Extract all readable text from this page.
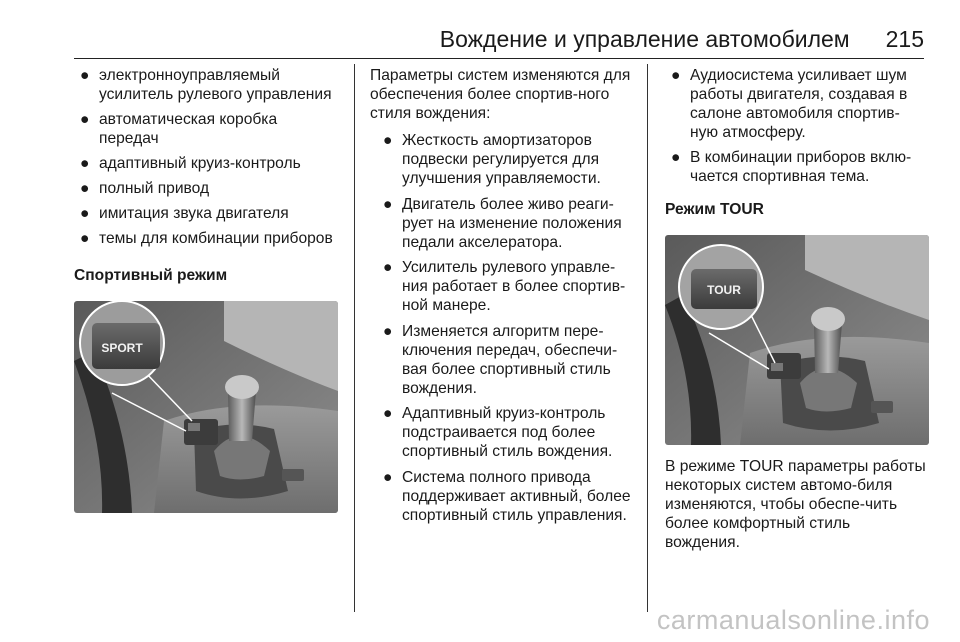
Вождение и управление автомобилем 215
● электронноуправляемый усилитель рулевого управления
● автоматическая коробка передач
● адаптивный круиз-контроль
● полный привод
● имитация звука двигателя
● темы для комбинации приборов
Спортивный режим
SPORT

Параметры систем изменяются для обеспечения более спортив-ного стиля вождения:

● Жесткость амортизаторов подвески регулируется для улучшения управляемости.
● Двигатель более живо реаги-рует на изменение положения педали акселератора.
● Усилитель рулевого управле-ния работает в более спортив-ной манере.
● Изменяется алгоритм пере-ключения передач, обеспечи-вая более спортивный стиль вождения.
● Адаптивный круиз-контроль подстраивается под более спортивный стиль вождения.
● Система полного привода поддерживает активный, более спортивный стиль управления.
● Аудиосистема усиливает шум работы двигателя, создавая в салоне автомобиля спортив-ную атмосферу.
● В комбинации приборов вклю-чается спортивная тема.
Режим TOUR
TOUR

В режиме TOUR параметры работы некоторых систем автомо-биля изменяются, чтобы обеспе-чить более комфортный стиль вождения.

carmanualsonline.info
